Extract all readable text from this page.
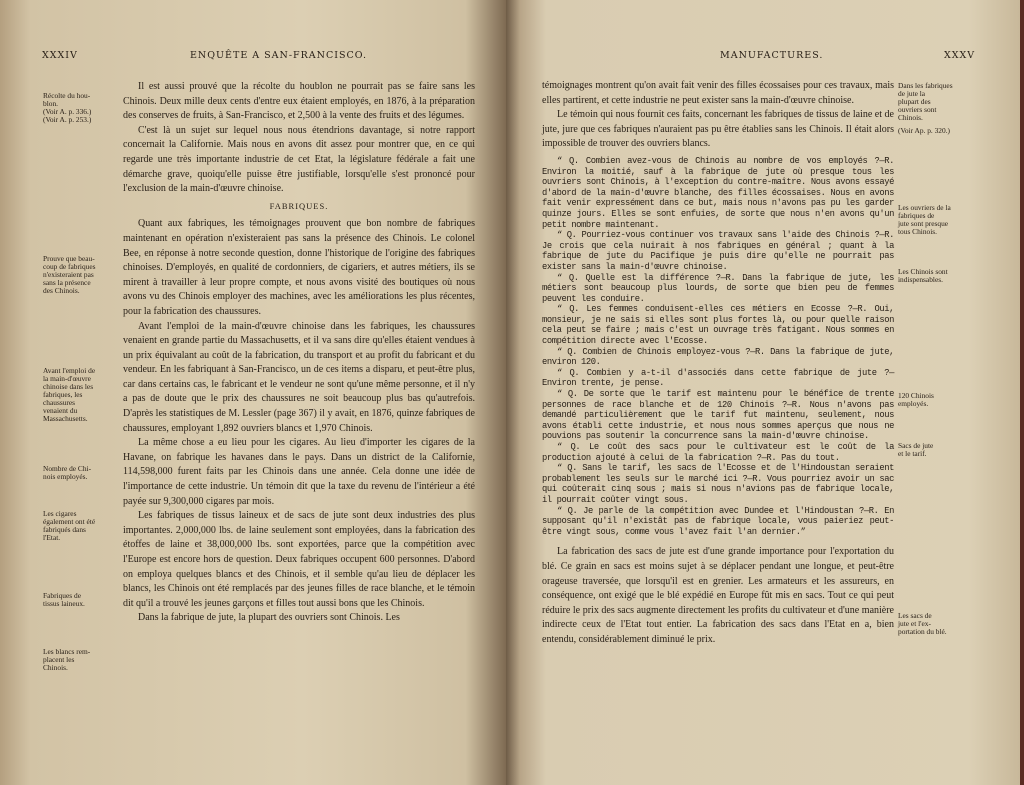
XXXIV	ENQUÊTE A SAN-FRANCISCO.
Récolte du hou-
blon.
(Voir A. p. 336.)
(Voir A. p. 253.)
Prouve que beau-
coup de fabriques
n'existeraient pas
sans la présence
des Chinois.
Avant l'emploi de
la main-d'œuvre
chinoise dans les
fabriques, les
chaussures
venaient du
Massachusetts.
Nombre de Chi-
nois employés.
Les cigares
également ont été
fabriqués dans
l'Etat.
Fabriques de
tissus laineux.
Les blancs rem-
placent les
Chinois.

Il est aussi prouvé que la récolte du houblon ne pourrait pas se faire sans les Chinois. Deux mille deux cents d'entre eux étaient employés, en 1876, à la préparation des conserves de fruits, à San-Francisco, et 2,500 à la vente des fruits et des légumes.

C'est là un sujet sur lequel nous nous étendrions davantage, si notre rapport concernait la Californie. Mais nous en avons dit assez pour montrer que, en ce qui regarde une très importante industrie de cet Etat, la législature fédérale a fait une démarche grave, quoiqu'elle puisse être justifiable, lorsqu'elle s'est prononcé pour l'exclusion de la main-d'œuvre chinoise.

FABRIQUES.

Quant aux fabriques, les témoignages prouvent que bon nombre de fabriques maintenant en opération n'existeraient pas sans la présence des Chinois. Le colonel Bee, en réponse à notre seconde question, donne l'historique de l'origine des fabriques chinoises. D'employés, en qualité de cordonniers, de cigariers, et autres métiers, ils se mirent à travailler à leur propre compte, et nous avons visité des boutiques où nous avons vu des Chinois employer des machines, avec les améliorations les plus récentes, pour la fabrication des chaussures.

Avant l'emploi de la main-d'œuvre chinoise dans les fabriques, les chaussures venaient en grande partie du Massachusetts, et il va sans dire qu'elles étaient vendues à un prix équivalant au coût de la fabrication, du transport et au profit du fabricant et du vendeur. En les fabriquant à San-Francisco, un de ces items a disparu, et peut-être plus, car dans certains cas, le fabricant et le vendeur ne sont qu'une même personne, et il n'y a pas de doute que le prix des chaussures ne soit beaucoup plus bas qu'autrefois. D'après les statistiques de M. Lessler (page 367) il y avait, en 1876, quinze fabriques de chaussures, employant 1,892 ouvriers blancs et 1,970 Chinois.

La même chose a eu lieu pour les cigares. Au lieu d'importer les cigares de la Havane, on fabrique les havanes dans le pays. Dans un district de la Californie, 114,598,000 furent faits par les Chinois dans une année. Cela donne une idée de l'importance de cette industrie. Un témoin dit que la taxe du revenu de l'intérieur a été payée sur 9,300,000 cigares par mois.

Les fabriques de tissus laineux et de sacs de jute sont deux industries des plus importantes. 2,000,000 lbs. de laine seulement sont employées, dans la fabrication des étoffes de laine et 38,000,000 lbs. sont exportées, parce que la compétition avec l'Europe est encore hors de question. Deux fabriques occupent 600 personnes. D'abord on employa quelques blancs et des Chinois, et il semble qu'au lieu de déplacer les blancs, les Chinois ont été remplacés par des jeunes filles de race blanche, et le témoin dit qu'il a trouvé les jeunes garçons et filles tout aussi bons que les Chinois.

Dans la fabrique de jute, la plupart des ouvriers sont Chinois. Les

MANUFACTURES.	XXXV

témoignages montrent qu'on avait fait venir des filles écossaises pour ces travaux, mais elles partirent, et cette industrie ne peut exister sans la main-d'œuvre chinoise.

Le témoin qui nous fournit ces faits, concernant les fabriques de tissus de laine et de jute, jure que ces fabriques n'auraient pas pu être établies sans les Chinois. Il était alors impossible de trouver des ouvriers blancs.

“ Q. Combien avez-vous de Chinois au nombre de vos employés ?—R. Environ la moitié, sauf à la fabrique de jute où presque tous les ouvriers sont Chinois, à l'exception du contre-maître. Nous avons essayé d'abord de la main-d'œuvre blanche, des filles écossaises. Nous en avons fait venir expressément dans ce but, mais nous n'avons pas pu les garder quinze jours. Elles se sont enfuies, de sorte que nous n'en avons qu'un petit nombre maintenant.

“ Q. Pourriez-vous continuer vos travaux sans l'aide des Chinois ?—R. Je crois que cela nuirait à nos fabriques en général ; quant à la fabrique de jute du Pacifique je puis dire qu'elle ne pourrait pas exister sans la main-d'œuvre chinoise.

“ Q. Quelle est la différence ?—R. Dans la fabrique de jute, les métiers sont beaucoup plus lourds, de sorte que bien peu de femmes peuvent les conduire.

“ Q. Les femmes conduisent-elles ces métiers en Ecosse ?—R. Oui, monsieur, je ne sais si elles sont plus fortes là, ou pour quelle raison cela peut se faire ; mais c'est un ouvrage très fatigant. Nous sommes en compétition directe avec l'Ecosse.

“ Q. Combien de Chinois employez-vous ?—R. Dans la fabrique de jute, environ 120.

“ Q. Combien y a-t-il d'associés dans cette fabrique de jute ?—Environ trente, je pense.

“ Q. De sorte que le tarif est maintenu pour le bénéfice de trente personnes de race blanche et de 120 Chinois ?—R. Nous n'avons pas demandé particulièrement que le tarif fut maintenu, seulement, nous avons établi cette industrie, et nous nous sommes aperçus que nous ne pouvions pas soutenir la concurrence sans la main-d'œuvre chinoise.

“ Q. Le coût des sacs pour le cultivateur est le coût de la production ajouté à celui de la fabrication ?—R. Pas du tout.

“ Q. Sans le tarif, les sacs de l'Ecosse et de l'Hindoustan seraient probablement les seuls sur le marché ici ?—R. Vous pourriez avoir un sac qui coûterait cinq sous ; mais si nous n'avions pas de fabrique locale, il pourrait coûter vingt sous.

“ Q. Je parle de la compétition avec Dundee et l'Hindoustan ?—R. En supposant qu'il n'existât pas de fabrique locale, vous paieriez peut-être vingt sous, comme vous l'avez fait l'an dernier.”

La fabrication des sacs de jute est d'une grande importance pour l'exportation du blé. Ce grain en sacs est moins sujet à se déplacer pendant une longue, et peut-être orageuse traversée, que lorsqu'il est en grenier. Les armateurs et les assureurs, en conséquence, ont exigé que le blé expédié en Europe fût mis en sacs. Tout ce qui peut réduire le prix des sacs augmente directement les profits du cultivateur et d'une manière indirecte ceux de l'Etat tout entier. La fabrication des sacs dans l'Etat en a, bien entendu, considérablement diminué le prix.

Dans les fabriques
de jute la
plupart des
ouvriers sont
Chinois.
(Voir Ap. p. 320.)
Les ouvriers de la
fabriques de
jute sont presque
tous Chinois.
Les Chinois sont
indispensables.
120 Chinois
employés.
Sacs de jute
et le tarif.
Les sacs de
jute et l'ex-
portation du blé.
